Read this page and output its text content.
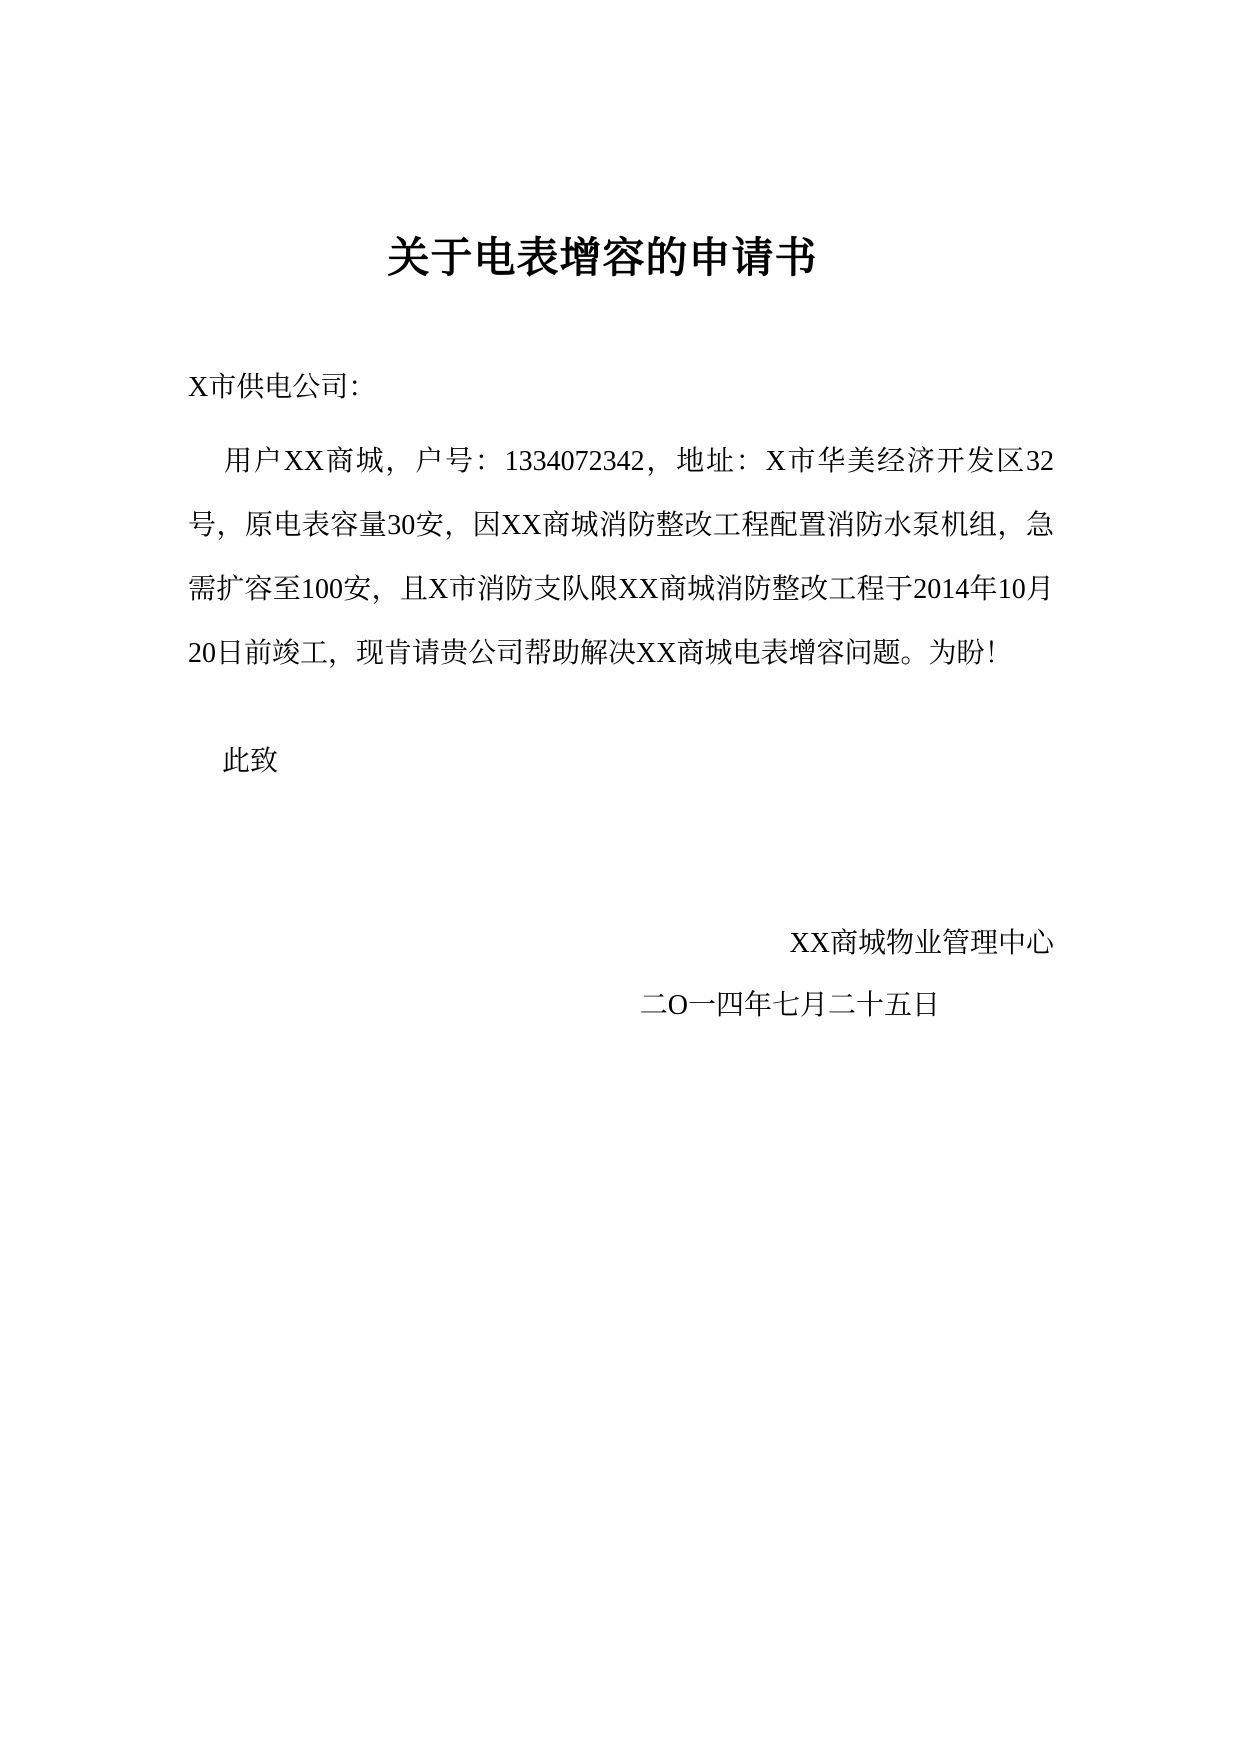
关于电表增容的申请书

X市供电公司：

用户XX商城，户号：1334072342，地址：X市华美经济开发区32号，原电表容量30安，因XX商城消防整改工程配置消防水泵机组，急需扩容至100安，且X市消防支队限XX商城消防整改工程于2014年10月20日前竣工，现肯请贵公司帮助解决XX商城电表增容问题。为盼！

此致

XX商城物业管理中心

二O一四年七月二十五日
